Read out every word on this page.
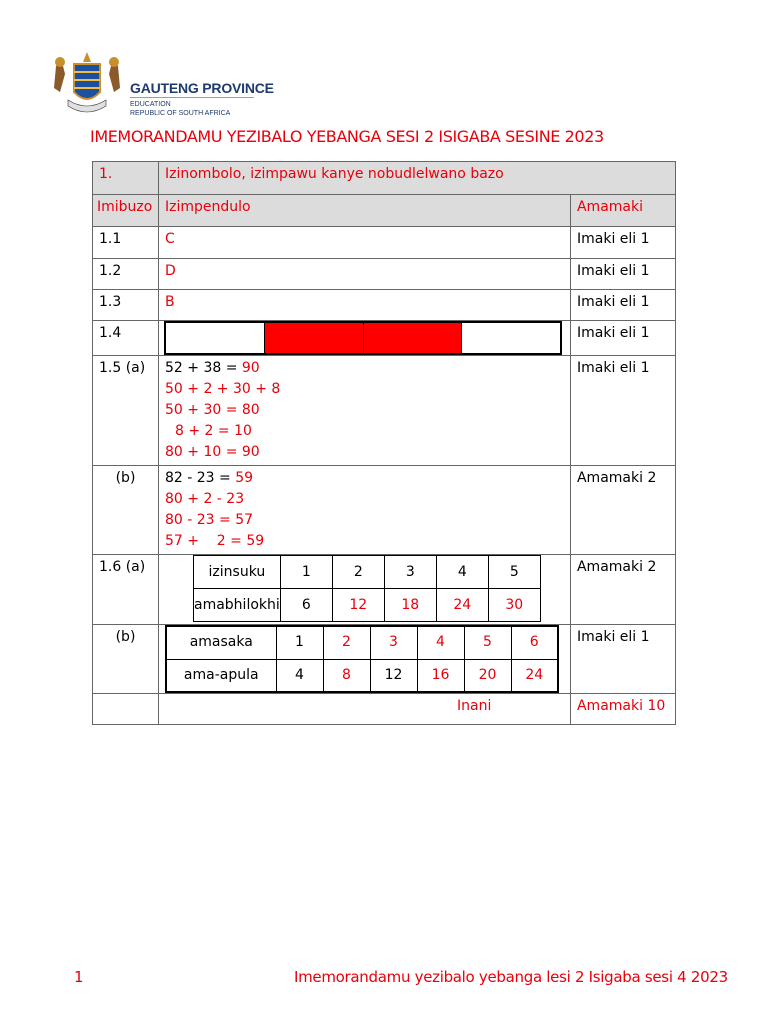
GAUTENG PROVINCE
EDUCATION
REPUBLIC OF SOUTH AFRICA
IMEMORANDAMU YEZIBALO YEBANGA SESI 2 ISIGABA SESINE 2023
1.	Izinombolo, izimpawu kanye nobudlelwano bazo
Imibuzo	Izimpendulo	Amamaki
1.1	C	Imaki eli 1
1.2	D	Imaki eli 1
1.3	B	Imaki eli 1
1.4		Imaki eli 1
1.5 (a)	52 + 38 = 90
50 + 2 + 30 + 8
50 + 30 = 80
8 + 2 = 10
80 + 10 = 90
	Imaki eli 1
(b)	82 - 23 = 59
80 + 2 - 23
80 - 23 = 57
57 +    2 = 59
	Amamaki 2
1.6 (a)		izinsuku	1	2	3	4	5
amabhilokhi	6	12	18	24	30
	Amamaki 2
(b)		amasaka	1	2	3	4	5	6
ama-apula	4	8	12	16	20	24
	Imaki eli 1
	Inani	Amamaki 10
1	Imemorandamu yezibalo yebanga lesi 2 Isigaba sesi 4 2023
